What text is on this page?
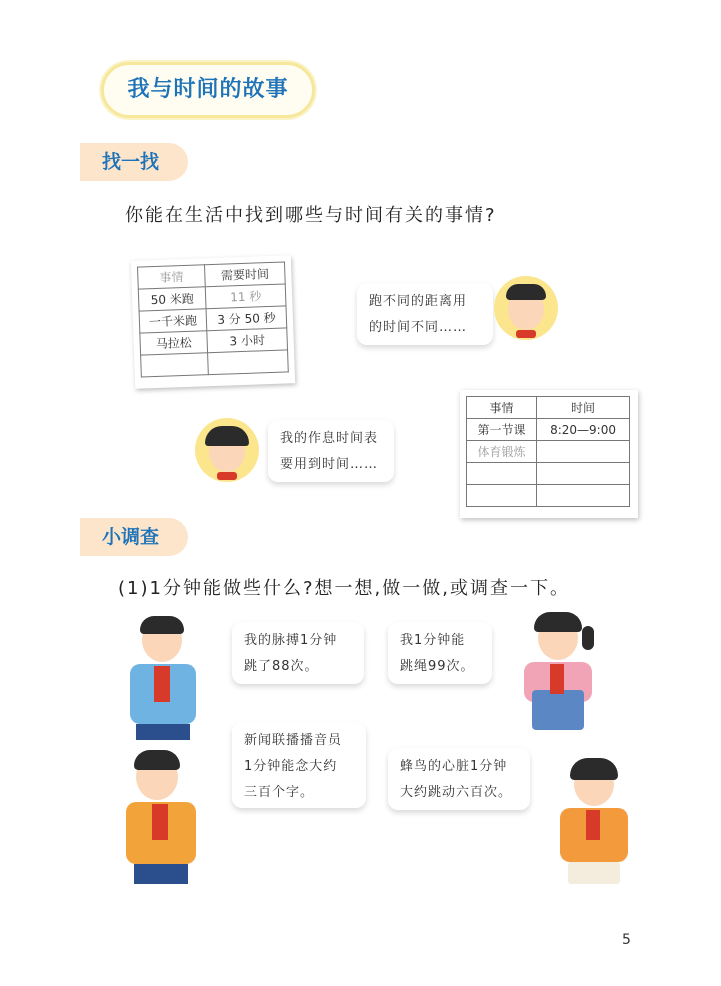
我与时间的故事
找一找
你能在生活中找到哪些与时间有关的事情?
事情	需要时间
50 米跑	11 秒
一千米跑	3 分 50 秒
马拉松	3 小时

跑不同的距离用
的时间不同……
我的作息时间表
要用到时间……
事情	时间
第一节课	8:20—9:00
体育锻炼	

小调查
(1)1分钟能做些什么?想一想,做一做,或调查一下。
我的脉搏1分钟
跳了88次。
我1分钟能
跳绳99次。
新闻联播播音员
1分钟能念大约
三百个字。
蜂鸟的心脏1分钟
大约跳动六百次。
5
